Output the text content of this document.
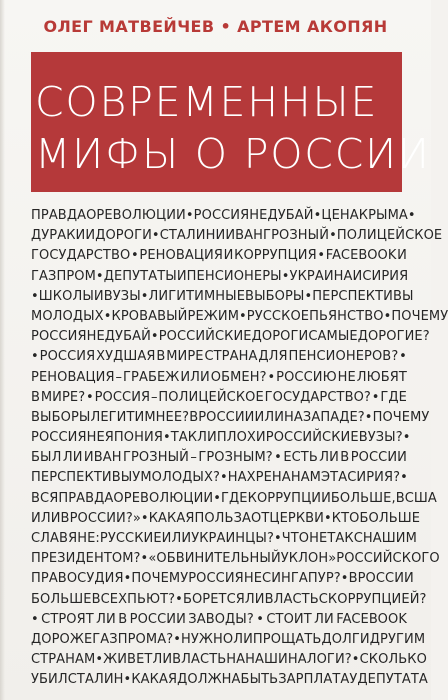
ОЛЕГ МАТВЕЙЧЕВ • АРТЕМ АКОПЯН
СОВРЕМЕННЫЕ
МИФЫ О РОССИИ
ПРАВДА О РЕВОЛЮЦИИ • РОССИЯ НЕ ДУБАЙ • ЦЕНА КРЫМА •
ДУРАКИ И ДОРОГИ • СТАЛИН И ИВАН ГРОЗНЫЙ • ПОЛИЦЕЙСКОЕ
ГОСУДАРСТВО • РЕНОВАЦИЯ И КОРРУПЦИЯ • FACEBOOK И
ГАЗПРОМ • ДЕПУТАТЫ И ПЕНСИОНЕРЫ • УКРАИНА И СИРИЯ
• ШКОЛЫ И ВУЗЫ • ЛИГИТИМНЫЕ ВЫБОРЫ • ПЕРСПЕКТИВЫ
МОЛОДЫХ • КРОВАВЫЙ РЕЖИМ • РУССКОЕ ПЬЯНСТВО • ПОЧЕМУ
РОССИЯ НЕ ДУБАЙ • РОССИЙСКИЕ ДОРОГИ САМЫЕ ДОРОГИЕ?
• РОССИЯ ХУДШАЯ В МИРЕ СТРАНА ДЛЯ ПЕНСИОНЕРОВ? •
РЕНОВАЦИЯ – ГРАБЕЖ ИЛИ ОБМЕН? • РОССИЮ НЕ ЛЮБЯТ
В МИРЕ? • РОССИЯ – ПОЛИЦЕЙСКОЕ ГОСУДАРСТВО? • ГДЕ
ВЫБОРЫ ЛЕГИТИМНЕЕ? В РОССИИ ИЛИ НА ЗАПАДЕ? • ПОЧЕМУ
РОССИЯ НЕ ЯПОНИЯ • ТАК ЛИ ПЛОХИ РОССИЙСКИЕ ВУЗЫ? •
БЫЛ ЛИ ИВАН ГРОЗНЫЙ – ГРОЗНЫМ? • ЕСТЬ ЛИ В РОССИИ
ПЕРСПЕКТИВЫ У МОЛОДЫХ? • НА ХРЕНА НАМ ЭТА СИРИЯ? •
ВСЯ ПРАВДА О РЕВОЛЮЦИИ • ГДЕ КОРРУПЦИИ БОЛЬШЕ, В США
ИЛИ В РОССИИ?» • КАКАЯ ПОЛЬЗА ОТ ЦЕРКВИ • КТО БОЛЬШЕ
СЛАВЯНЕ: РУССКИЕ ИЛИ УКРАИНЦЫ? • ЧТО НЕ ТАК С НАШИМ
ПРЕЗИДЕНТОМ? • «ОБВИНИТЕЛЬНЫЙ УКЛОН» РОССИЙСКОГО
ПРАВОСУДИЯ • ПОЧЕМУ РОССИЯ НЕ СИНГАПУР? • В РОССИИ
БОЛЬШЕ ВСЕХ ПЬЮТ? • БОРЕТСЯ ЛИ ВЛАСТЬ С КОРРУПЦИЕЙ?
• СТРОЯТ ЛИ В РОССИИ ЗАВОДЫ? • СТОИТ ЛИ FACEBOOK
ДОРОЖЕ ГАЗПРОМА? • НУЖНО ЛИ ПРОЩАТЬ ДОЛГИ ДРУГИМ
СТРАНАМ • ЖИВЕТ ЛИ ВЛАСТЬ НА НАШИ НАЛОГИ? • СКОЛЬКО
УБИЛ СТАЛИН • КАКАЯ ДОЛЖНА БЫТЬ ЗАРПЛАТА У ДЕПУТАТА
